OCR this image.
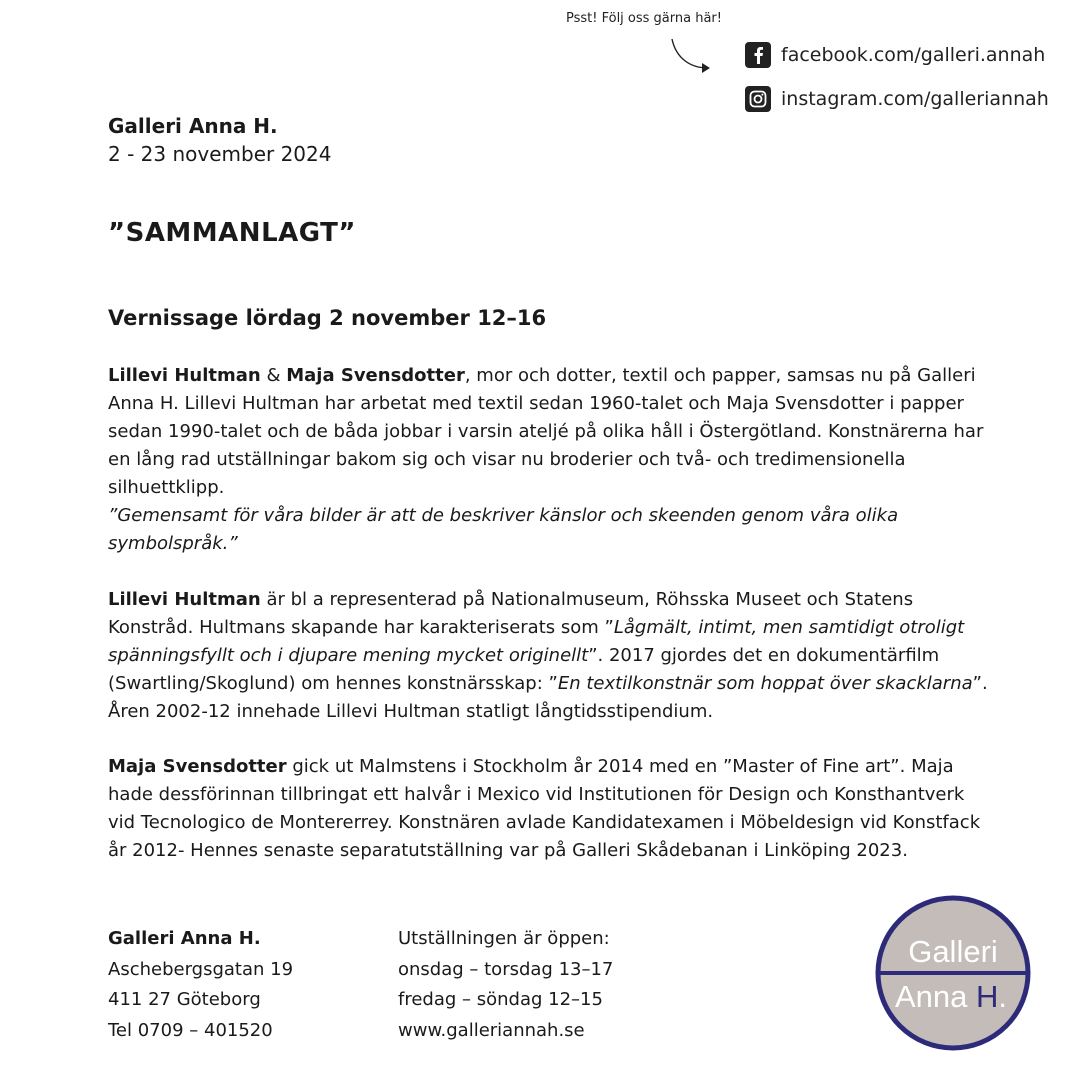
Psst! Följ oss gärna här!
facebook.com/galleri.annah
instagram.com/galleriannah
Galleri Anna H.
2 - 23 november 2024
”SAMMANLAGT”
Vernissage lördag 2 november 12–16

Lillevi Hultman & Maja Svensdotter, mor och dotter, textil och papper, samsas nu på Galleri Anna H. Lillevi Hultman har arbetat med textil sedan 1960-talet och Maja Svensdotter i papper sedan 1990-talet och de båda jobbar i varsin ateljé på olika håll i Östergötland. Konstnärerna har en lång rad utställningar bakom sig och visar nu broderier och två- och tredimensionella silhuettklipp.

”Gemensamt för våra bilder är att de beskriver känslor och skeenden genom våra olika symbolspråk.”

Lillevi Hultman är bl a representerad på Nationalmuseum, Röhsska Museet och Statens Konstråd. Hultmans skapande har karakteriserats som ”Lågmält, intimt, men samtidigt otroligt spänningsfyllt och i djupare mening mycket originellt”. 2017 gjordes det en dokumentärfilm (Swartling/Skoglund) om hennes konstnärsskap: ”En textilkonstnär som hoppat över skacklarna”. Åren 2002-12 innehade Lillevi Hultman statligt långtidsstipendium.

Maja Svensdotter gick ut Malmstens i Stockholm år 2014 med en ”Master of Fine art”. Maja hade dessförinnan tillbringat ett halvår i Mexico vid Institutionen för Design och Konsthantverk vid Tecnologico de Montererrey. Konstnären avlade Kandidatexamen i Möbeldesign vid Konstfack år 2012- Hennes senaste separatutställning var på Galleri Skådebanan i Linköping 2023.

Galleri Anna H.
Aschebergsgatan 19
411 27 Göteborg
Tel 0709 – 401520
Utställningen är öppen:
onsdag – torsdag 13–17
fredag – söndag 12–15
www.galleriannah.se
Galleri
Anna H.
